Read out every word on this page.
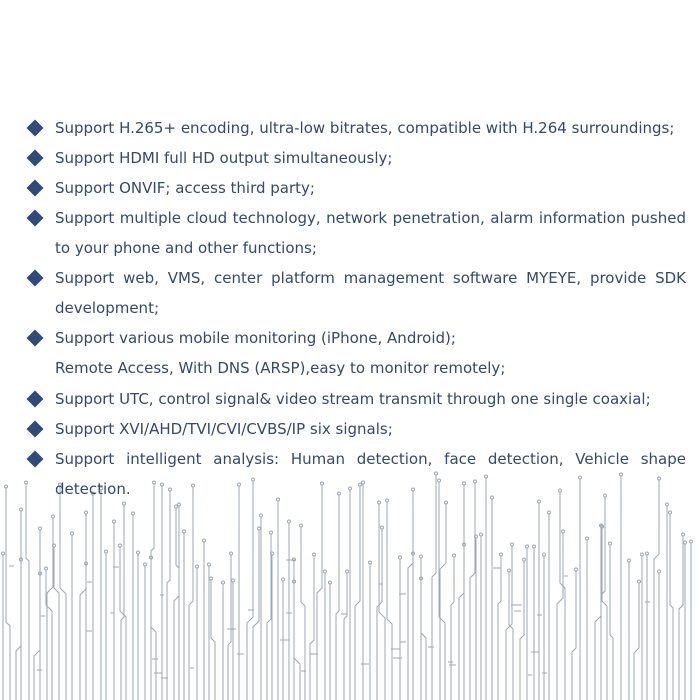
Support H.265+ encoding, ultra-low bitrates, compatible with H.264 surroundings;
Support HDMI full HD output simultaneously;
Support ONVIF; access third party;
Support multiple cloud technology, network penetration, alarm information pushed
to your phone and other functions;
Support web, VMS, center platform management software MYEYE, provide SDK
development;
Support various mobile monitoring (iPhone, Android);
Remote Access, With DNS (ARSP),easy to monitor remotely;
Support UTC, control signal& video stream transmit through one single coaxial;
Support XVI/AHD/TVI/CVI/CVBS/IP six signals;
Support intelligent analysis: Human detection, face detection, Vehicle shape
detection.
